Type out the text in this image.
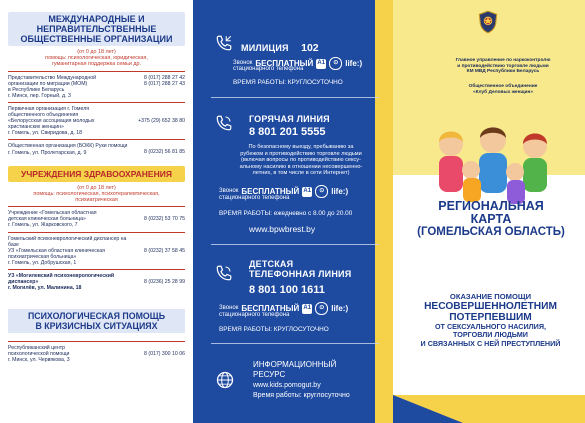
МЕЖДУНАРОДНЫЕ И НЕПРАВИТЕЛЬСТВЕННЫЕ
ОБЩЕСТВЕННЫЕ ОРГАНИЗАЦИИ
(от 0 до 18 лет)
помощь: психологическая, юридическая,
гуманитарная поддержка семьи др.
Представительство Международной
организации по миграции (МОМ)
в Республике Беларусь
г. Минск, пер. Горный, д. 3
8 (017) 288 27 42
8 (017) 288 27 43
Первичная организация г. Гомеля
общественного объединения
«Белорусская ассоциация молодых
христианских женщин»
г. Гомель, ул. Свиридова, д. 18
+375 (29) 652 38 80
Общественная организация (БОКК) Руки помощи
г. Гомель, ул. Пролетарская, д. 9	8 (0232) 56 81 85
УЧРЕЖДЕНИЯ ЗДРАВООХРАНЕНИЯ
(от 0 до 18 лет)
помощь: психологическая, психотерапевтическая,
психиатрическая
Учреждение «Гомельская областная
детская клиническая больница»
г. Гомель, ул. Жарковского, 7
8 (0232) 53 70 75
Гомельский психоневрологический диспансер на базе
УЗ «Гомельская областная клиническая
психиатрическая больница»
г. Гомель, ул. Добрушская, 1
8 (0232) 37 58 45
УЗ «Могилевский психоневрологический
диспансер»
г. Могилёв, ул. Малинина, 18
8 (0236) 25 28 99
ПСИХОЛОГИЧЕСКАЯ ПОМОЩЬ
В КРИЗИСНЫХ СИТУАЦИЯХ
Республиканский центр
психологической помощи
г. Минск, ул. Червякова, 3
8 (017) 300 10 06
МИЛИЦИЯ 102
Звонок БЕСПЛАТНЫЙ A1	⊙ life:)
стационарного телефона
ВРЕМЯ РАБОТЫ: КРУГЛОСУТОЧНО
ГОРЯЧАЯ ЛИНИЯ
8 801 201 5555
По безопасному выезду, пребыванию за
рубежом и противодействию торговле людьми
(включая вопросы по противодействию сексу-
альному насилию в отношении несовершенно-
летних, в том числе в сети Интернет)
Звонок БЕСПЛАТНЫЙ A1	⊙ life:)
стационарного телефона
ВРЕМЯ РАБОТЫ: ежедневно с 8.00 до 20.00
www.bpwbrest.by
ДЕТСКАЯ
ТЕЛЕФОННАЯ ЛИНИЯ
8 801 100 1611
Звонок БЕСПЛАТНЫЙ A1	⊙ life:)
стационарного телефона
ВРЕМЯ РАБОТЫ: КРУГЛОСУТОЧНО
ИНФОРМАЦИОННЫЙ
РЕСУРС
www.kids.pomogut.by
Время работы: круглосуточно
Главное управление по наркоконтролю
и противодействию торговле людьми
КМ МВД Республики Беларусь
Общественное объединение
«Клуб Деловых женщин»
РЕГИОНАЛЬНАЯ
КАРТА
(ГОМЕЛЬСКАЯ ОБЛАСТЬ)
ОКАЗАНИЕ ПОМОЩИ
НЕСОВЕРШЕННОЛЕТНИМ
ПОТЕРПЕВШИМ
ОТ СЕКСУАЛЬНОГО НАСИЛИЯ,
ТОРГОВЛИ ЛЮДЬМИ
И СВЯЗАННЫХ С НЕЙ ПРЕСТУПЛЕНИЙ
